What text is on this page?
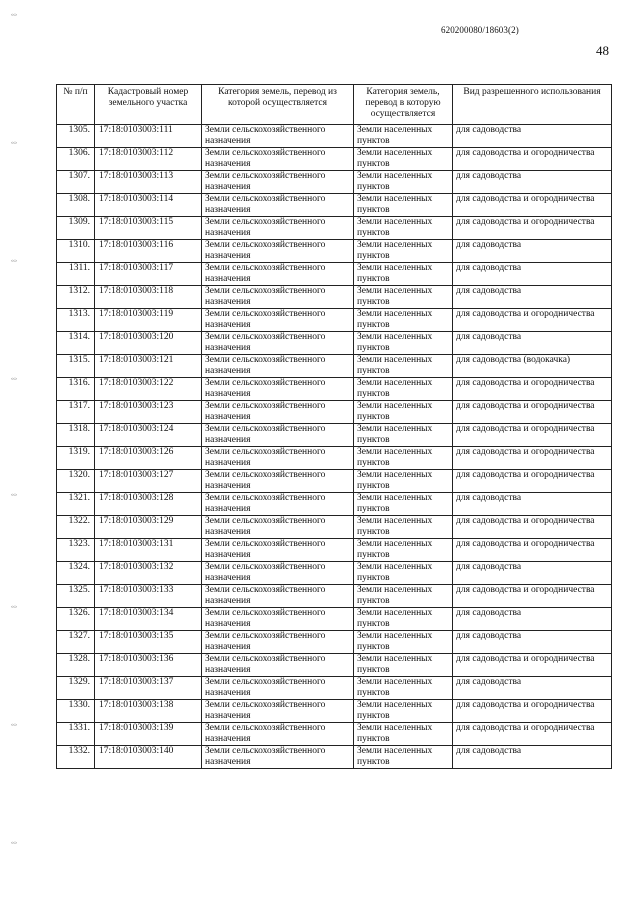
620200080/18603(2)
48
‹‹›
‹‹›
‹‹›
‹‹›
‹‹›
‹‹›
‹‹›
‹‹›
№ п/п	Кадастровый номер земельного участка	Категория земель, перевод из которой осуществляется	Категория земель, перевод в которую осуществляется	Вид разрешенного использования
1305.	17:18:0103003:111	Земли сельскохозяйственного назначения	Земли населенных пунктов	для садоводства
1306.	17:18:0103003:112	Земли сельскохозяйственного назначения	Земли населенных пунктов	для садоводства и огородничества
1307.	17:18:0103003:113	Земли сельскохозяйственного назначения	Земли населенных пунктов	для садоводства
1308.	17:18:0103003:114	Земли сельскохозяйственного назначения	Земли населенных пунктов	для садоводства и огородничества
1309.	17:18:0103003:115	Земли сельскохозяйственного назначения	Земли населенных пунктов	для садоводства и огородничества
1310.	17:18:0103003:116	Земли сельскохозяйственного назначения	Земли населенных пунктов	для садоводства
1311.	17:18:0103003:117	Земли сельскохозяйственного назначения	Земли населенных пунктов	для садоводства
1312.	17:18:0103003:118	Земли сельскохозяйственного назначения	Земли населенных пунктов	для садоводства
1313.	17:18:0103003:119	Земли сельскохозяйственного назначения	Земли населенных пунктов	для садоводства и огородничества
1314.	17:18:0103003:120	Земли сельскохозяйственного назначения	Земли населенных пунктов	для садоводства
1315.	17:18:0103003:121	Земли сельскохозяйственного назначения	Земли населенных пунктов	для садоводства (водокачка)
1316.	17:18:0103003:122	Земли сельскохозяйственного назначения	Земли населенных пунктов	для садоводства и огородничества
1317.	17:18:0103003:123	Земли сельскохозяйственного назначения	Земли населенных пунктов	для садоводства и огородничества
1318.	17:18:0103003:124	Земли сельскохозяйственного назначения	Земли населенных пунктов	для садоводства и огородничества
1319.	17:18:0103003:126	Земли сельскохозяйственного назначения	Земли населенных пунктов	для садоводства и огородничества
1320.	17:18:0103003:127	Земли сельскохозяйственного назначения	Земли населенных пунктов	для садоводства и огородничества
1321.	17:18:0103003:128	Земли сельскохозяйственного назначения	Земли населенных пунктов	для садоводства
1322.	17:18:0103003:129	Земли сельскохозяйственного назначения	Земли населенных пунктов	для садоводства и огородничества
1323.	17:18:0103003:131	Земли сельскохозяйственного назначения	Земли населенных пунктов	для садоводства и огородничества
1324.	17:18:0103003:132	Земли сельскохозяйственного назначения	Земли населенных пунктов	для садоводства
1325.	17:18:0103003:133	Земли сельскохозяйственного назначения	Земли населенных пунктов	для садоводства и огородничества
1326.	17:18:0103003:134	Земли сельскохозяйственного назначения	Земли населенных пунктов	для садоводства
1327.	17:18:0103003:135	Земли сельскохозяйственного назначения	Земли населенных пунктов	для садоводства
1328.	17:18:0103003:136	Земли сельскохозяйственного назначения	Земли населенных пунктов	для садоводства и огородничества
1329.	17:18:0103003:137	Земли сельскохозяйственного назначения	Земли населенных пунктов	для садоводства
1330.	17:18:0103003:138	Земли сельскохозяйственного назначения	Земли населенных пунктов	для садоводства и огородничества
1331.	17:18:0103003:139	Земли сельскохозяйственного назначения	Земли населенных пунктов	для садоводства и огородничества
1332.	17:18:0103003:140	Земли сельскохозяйственного назначения	Земли населенных пунктов	для садоводства
